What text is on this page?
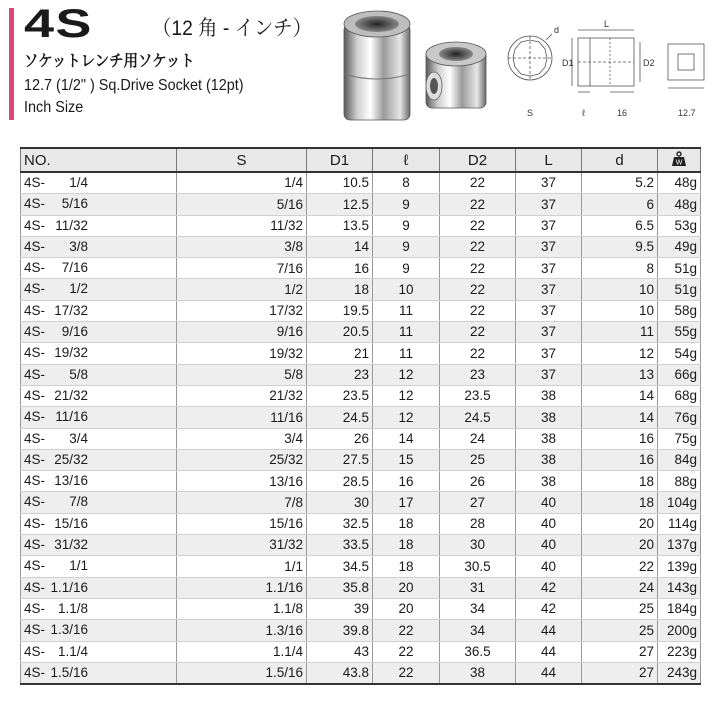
4S	（12 角 - インチ）
ソケットレンチ用ソケット
12.7 (1/2" ) Sq.Drive Socket (12pt)
Inch Size
d
L
D1	D2
S	ℓ	16	12.7
NO.	S	D1	ℓ	D2	L	d	W

4S- 1/4	1/4	10.5	8	22	37	5.2	48g

4S- 5/16	5/16	12.5	9	22	37	6	48g

4S- 11/32	11/32	13.5	9	22	37	6.5	53g

4S- 3/8	3/8	14	9	22	37	9.5	49g

4S- 7/16	7/16	16	9	22	37	8	51g

4S- 1/2	1/2	18	10	22	37	10	51g

4S- 17/32	17/32	19.5	11	22	37	10	58g

4S- 9/16	9/16	20.5	11	22	37	11	55g

4S- 19/32	19/32	21	11	22	37	12	54g

4S- 5/8	5/8	23	12	23	37	13	66g

4S- 21/32	21/32	23.5	12	23.5	38	14	68g

4S- 11/16	11/16	24.5	12	24.5	38	14	76g

4S- 3/4	3/4	26	14	24	38	16	75g

4S- 25/32	25/32	27.5	15	25	38	16	84g

4S- 13/16	13/16	28.5	16	26	38	18	88g

4S- 7/8	7/8	30	17	27	40	18	104g

4S- 15/16	15/16	32.5	18	28	40	20	114g

4S- 31/32	31/32	33.5	18	30	40	20	137g

4S- 1/1	1/1	34.5	18	30.5	40	22	139g

4S- 1.1/16	1.1/16	35.8	20	31	42	24	143g

4S- 1.1/8	1.1/8	39	20	34	42	25	184g

4S- 1.3/16	1.3/16	39.8	22	34	44	25	200g

4S- 1.1/4	1.1/4	43	22	36.5	44	27	223g

4S- 1.5/16	1.5/16	43.8	22	38	44	27	243g
